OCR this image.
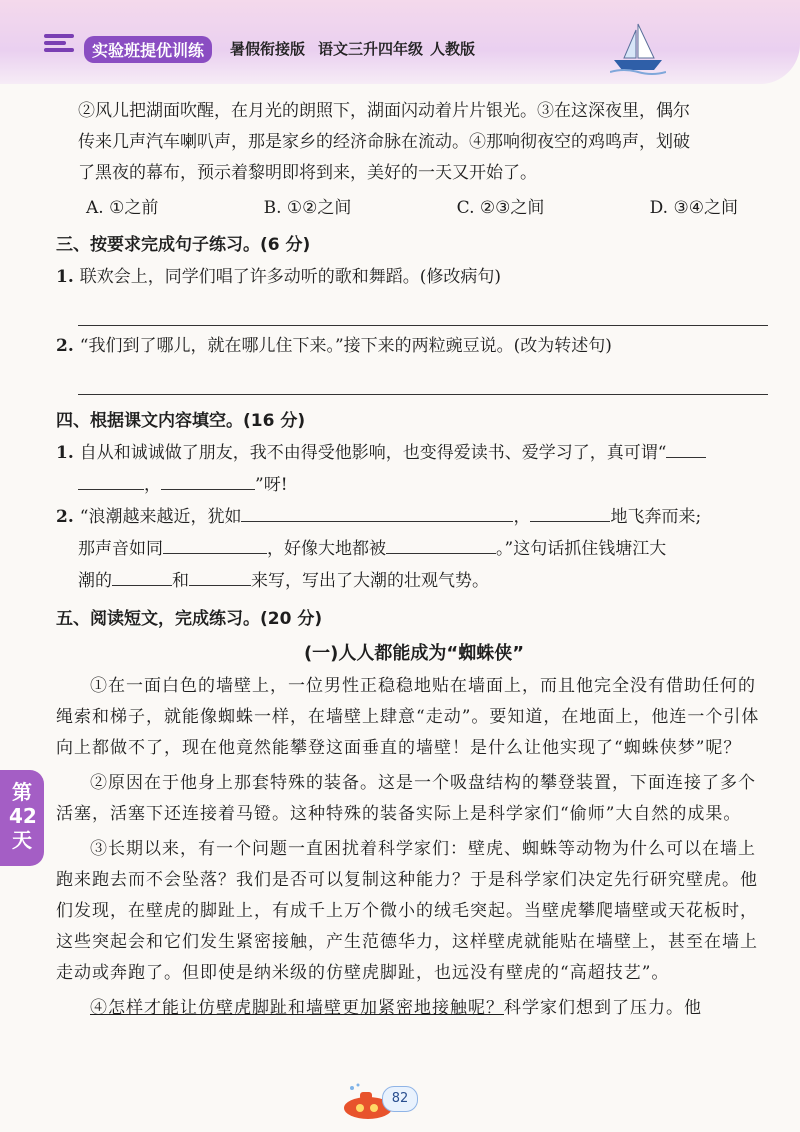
实验班提优训练	暑假衔接版 语文三升四年级 人教版
第42天

②风儿把湖面吹醒，在月光的朗照下，湖面闪动着片片银光。③在这深夜里，偶尔

传来几声汽车喇叭声，那是家乡的经济命脉在流动。④那响彻夜空的鸡鸣声，划破

了黑夜的幕布，预示着黎明即将到来，美好的一天又开始了。

A. ①之前	B. ①②之间	C. ②③之间	D. ③④之间
三、按要求完成句子练习。(6 分)
1. 联欢会上，同学们唱了许多动听的歌和舞蹈。(修改病句)
2. “我们到了哪儿，就在哪儿住下来。”接下来的两粒豌豆说。(改为转述句)
四、根据课文内容填空。(16 分)
1. 自从和诚诚做了朋友，我不由得受他影响，也变得爱读书、爱学习了，真可谓“
，	”呀!
2. “浪潮越来越近，犹如	，	地飞奔而来;
那声音如同	，好像大地都被	。”这句话抓住钱塘江大
潮的	和	来写，写出了大潮的壮观气势。
五、阅读短文，完成练习。(20 分)
(一)人人都能成为“蜘蛛侠”

①在一面白色的墙壁上，一位男性正稳稳地贴在墙面上，而且他完全没有借助任何的绳索和梯子，就能像蜘蛛一样，在墙壁上肆意“走动”。要知道，在地面上，他连一个引体向上都做不了，现在他竟然能攀登这面垂直的墙壁！是什么让他实现了“蜘蛛侠梦”呢？

②原因在于他身上那套特殊的装备。这是一个吸盘结构的攀登装置，下面连接了多个活塞，活塞下还连接着马镫。这种特殊的装备实际上是科学家们“偷师”大自然的成果。

③长期以来，有一个问题一直困扰着科学家们：壁虎、蜘蛛等动物为什么可以在墙上跑来跑去而不会坠落？我们是否可以复制这种能力？于是科学家们决定先行研究壁虎。他们发现，在壁虎的脚趾上，有成千上万个微小的绒毛突起。当壁虎攀爬墙壁或天花板时，这些突起会和它们发生紧密接触，产生范德华力，这样壁虎就能贴在墙壁上，甚至在墙上走动或奔跑了。但即使是纳米级的仿壁虎脚趾，也远没有壁虎的“高超技艺”。

④怎样才能让仿壁虎脚趾和墙壁更加紧密地接触呢？科学家们想到了压力。他

82
